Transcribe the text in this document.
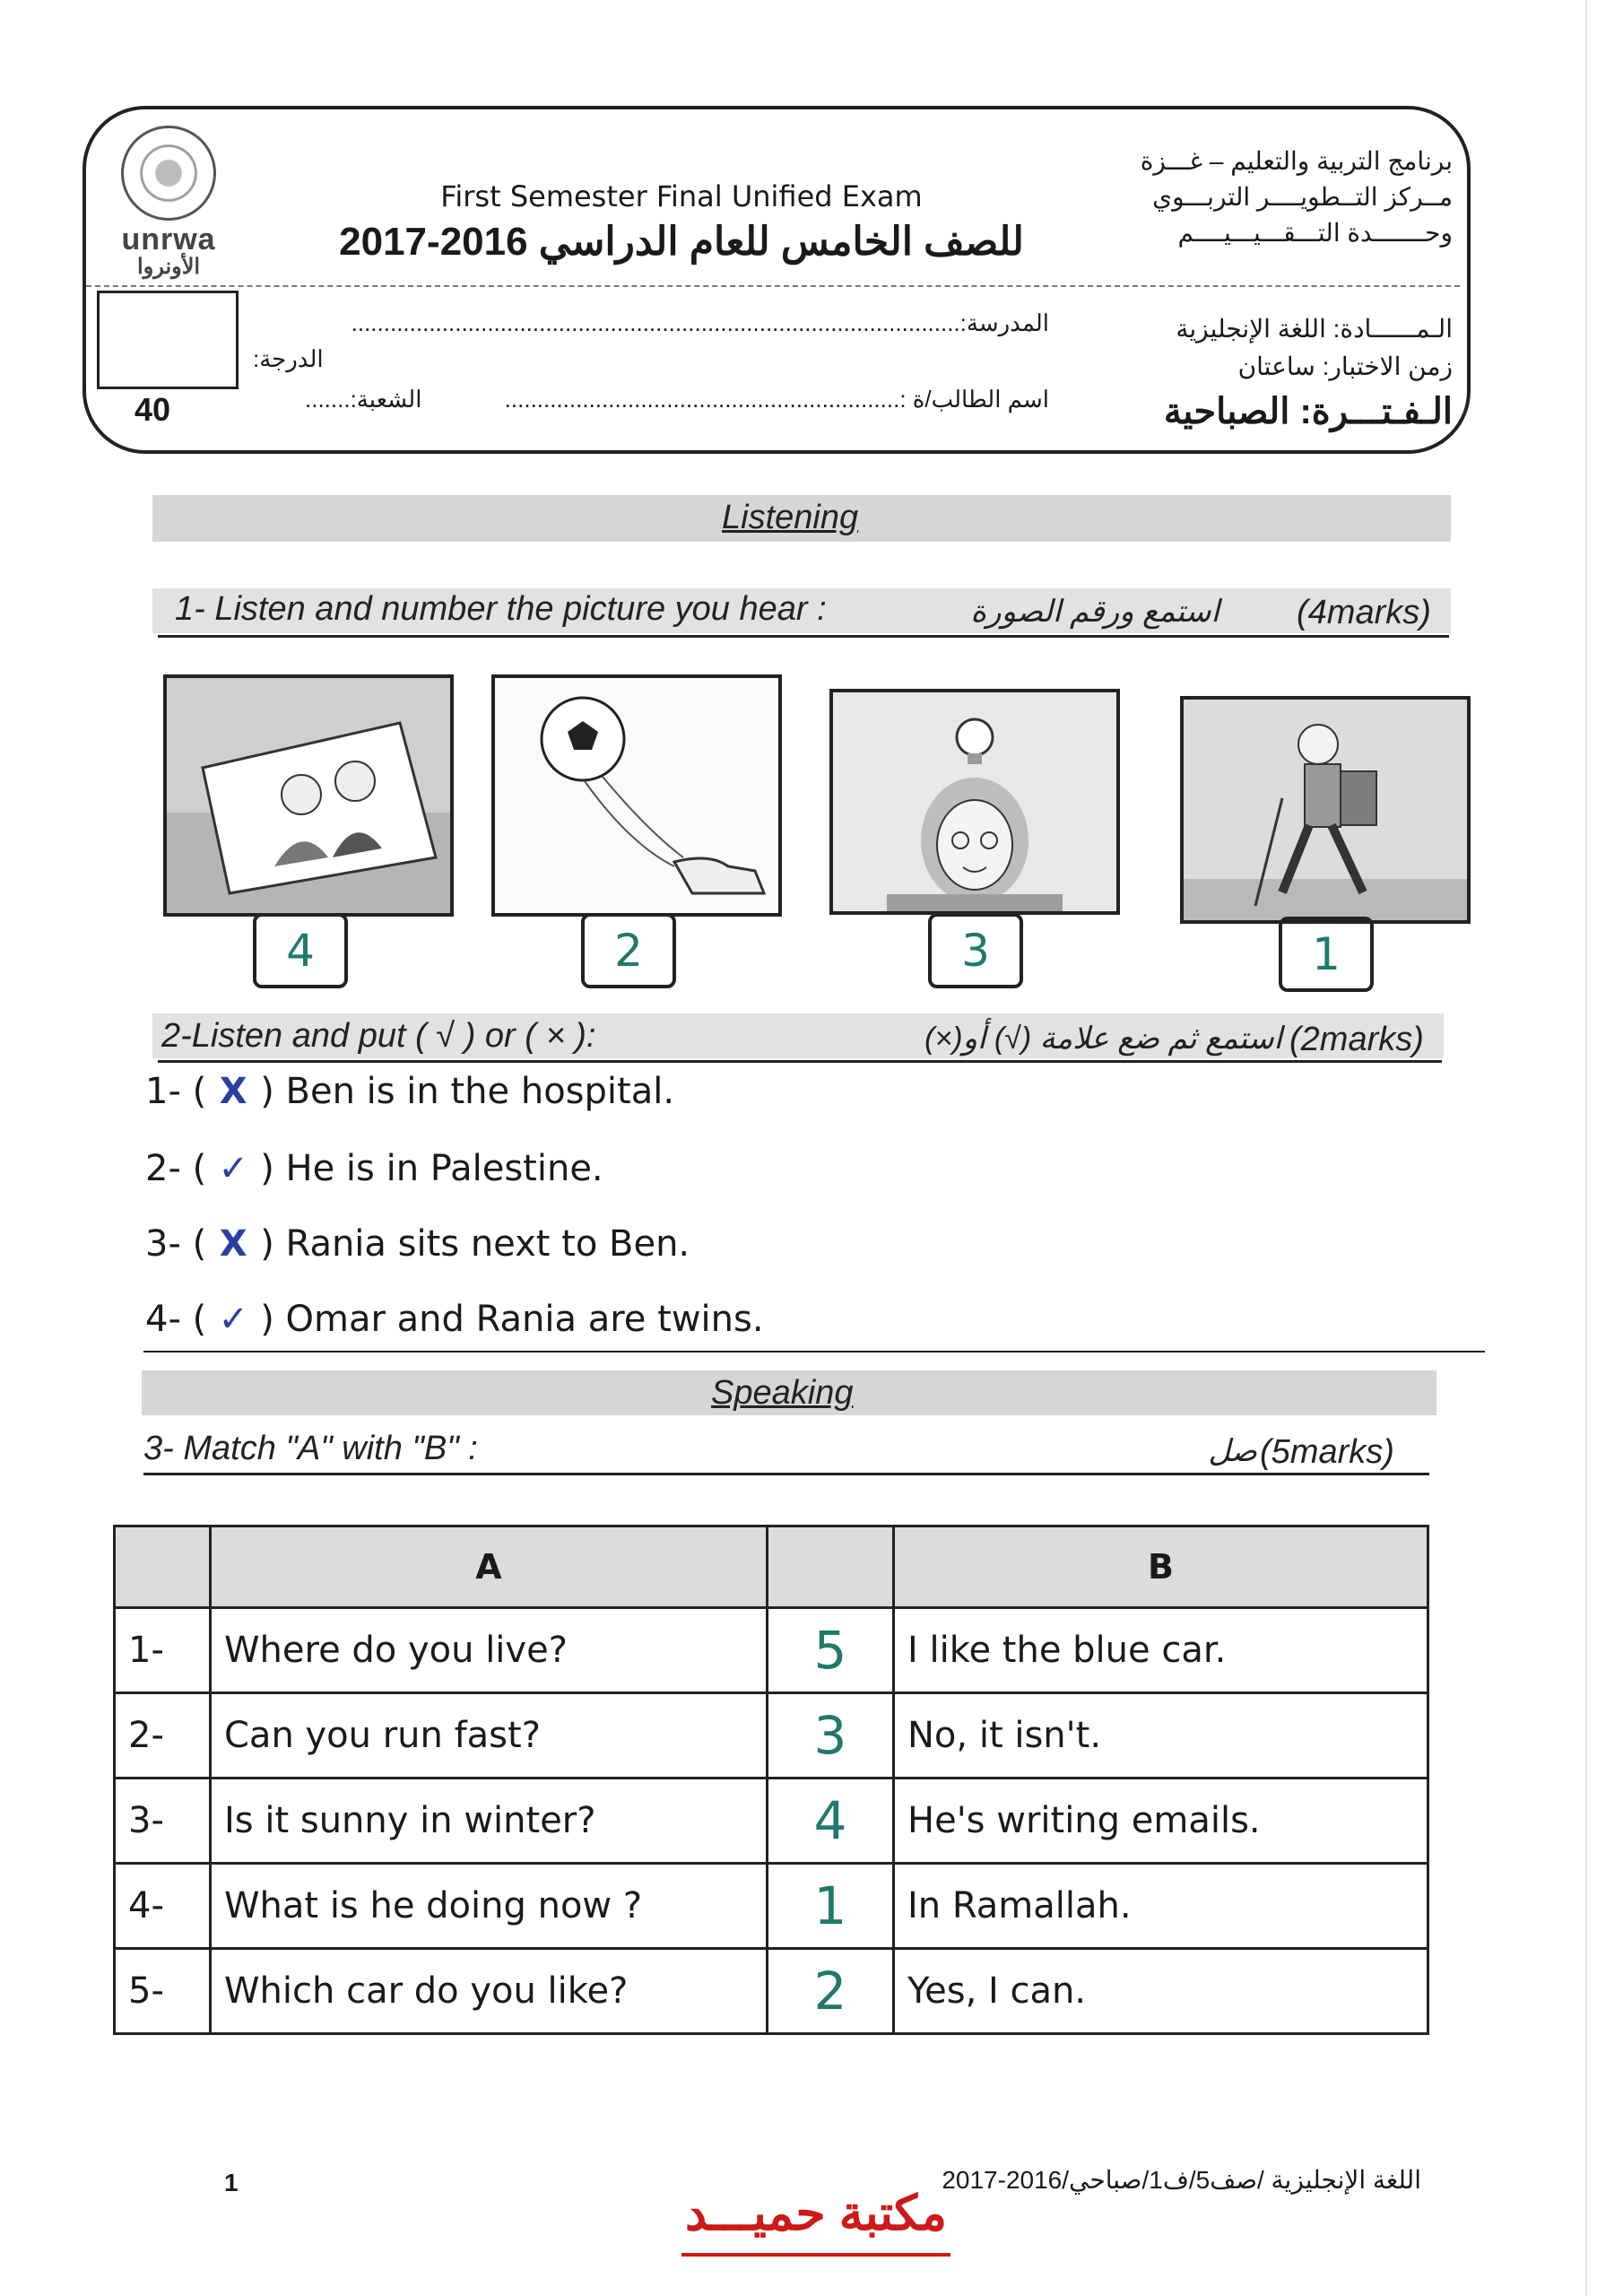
unrwa
الأونروا
First Semester Final Unified Exam
للصف الخامس للعام الدراسي 2016-2017
برنامج التربية والتعليم – غـــزة
مــركز التــطويــــر التربـــوي
وحـــــــدة التـــقـــيـــيــــم
40
الدرجة:
المدرسة:..............................................................................................
اسم الطالب/ة :.............................................................
الشعبة:.......
الـمــــــادة: اللغة الإنجليزية
زمن الاختبار: ساعتان
الـفـتـــرة: الصباحية
Listening
1- Listen and number the picture you hear :	استمع ورقم الصورة (4marks)
4	2	3	1
2-Listen and put ( √ ) or ( × ):	استمع ثم ضع علامة (√) أو(×) (2marks)
1- ( X ) Ben is in the hospital.
2- ( ✓ ) He is in Palestine.
3- ( X ) Rania sits next to Ben.
4- ( ✓ ) Omar and Rania are twins.
Speaking
3- Match "A" with "B" :	صل (5marks)
	A		B
1-	Where do you live?	5	I like the blue car.
2-	Can you run fast?	3	No, it isn't.
3-	Is it sunny in winter?	4	He's writing emails.
4-	What is he doing now ?	1	In Ramallah.
5-	Which car do you like?	2	Yes, I can.
1	اللغة الإنجليزية /صف5/ف1/صباحي/2016-2017
مكتبة حميـــد
